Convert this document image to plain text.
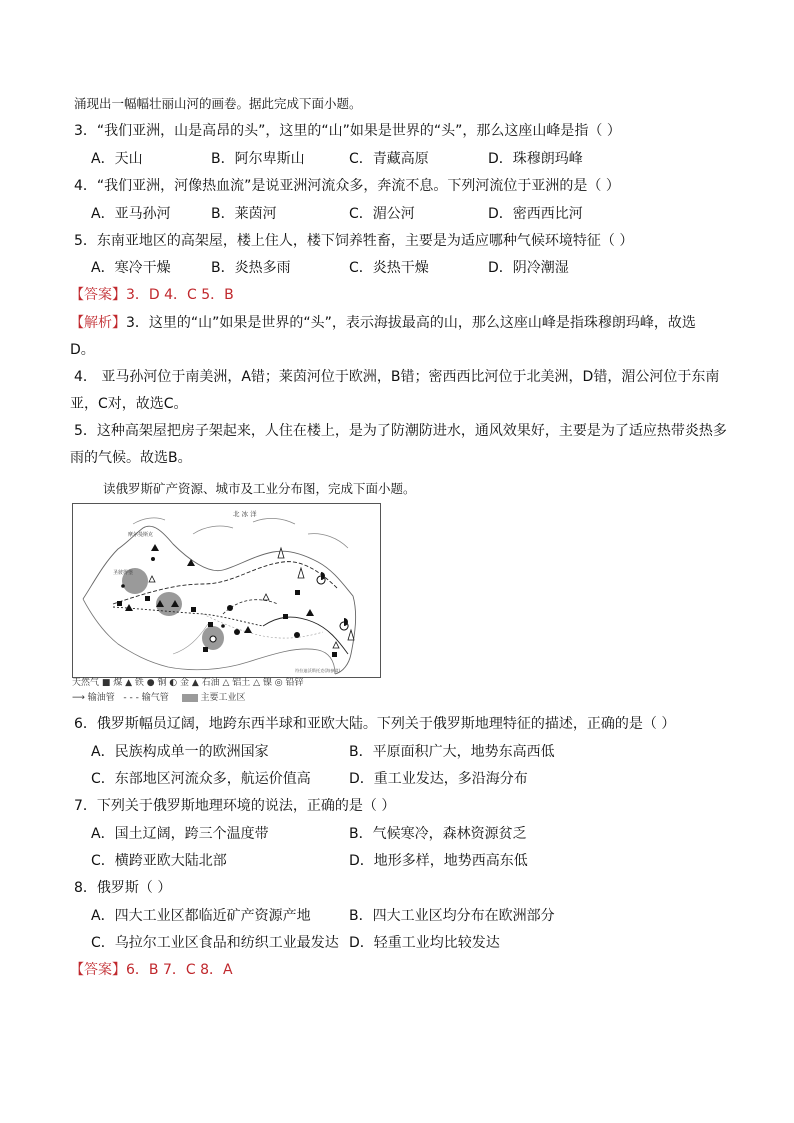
涌现出一幅幅壮丽山河的画卷。据此完成下面小题。
3．“我们亚洲，山是高昂的头”，这里的“山”如果是世界的“头”，那么这座山峰是指（ ）
A．天山	B．阿尔卑斯山	C．青藏高原	D．珠穆朗玛峰
4．“我们亚洲，河像热血流”是说亚洲河流众多，奔流不息。下列河流位于亚洲的是（ ）
A．亚马孙河	B．莱茵河	C．湄公河	D．密西西比河
5．东南亚地区的高架屋，楼上住人，楼下饲养牲畜，主要是为适应哪种气候环境特征（ ）
A．寒冷干燥	B．炎热多雨	C．炎热干燥	D．阴冷潮湿
【答案】3．D 4．C 5．B
【解析】3．这里的“山”如果是世界的“头”，表示海拔最高的山，那么这座山峰是指珠穆朗玛峰，故选
D。
4． 亚马孙河位于南美洲，A错；莱茵河位于欧洲，B错；密西西比河位于北美洲，D错，湄公河位于东南
亚，C对，故选C。
5．这种高架屋把房子架起来，人住在楼上，是为了防潮防进水，通风效果好，主要是为了适应热带炎热多
雨的气候。故选B。
读俄罗斯矿产资源、城市及工业分布图，完成下面小题。
北 冰 洋
摩尔曼斯克
圣彼得堡
符拉迪沃斯托克(海参崴)
天然气 ■ 煤 ▲ 铁 ● 铜 ◐ 金 ▲ 石油 △ 铝土 △ 镍 ◎ 铅锌
⟶ 输油管   - - - 输气管	主要工业区
6．俄罗斯幅员辽阔，地跨东西半球和亚欧大陆。下列关于俄罗斯地理特征的描述，正确的是（ ）
A．民族构成单一的欧洲国家	B．平原面积广大，地势东高西低
C．东部地区河流众多，航运价值高	D．重工业发达，多沿海分布
7．下列关于俄罗斯地理环境的说法，正确的是（ ）
A．国土辽阔，跨三个温度带	B．气候寒冷，森林资源贫乏
C．横跨亚欧大陆北部	D．地形多样，地势西高东低
8．俄罗斯（ ）
A．四大工业区都临近矿产资源产地	B．四大工业区均分布在欧洲部分
C．乌拉尔工业区食品和纺织工业最发达 D．轻重工业均比较发达
【答案】6．B 7．C 8．A
